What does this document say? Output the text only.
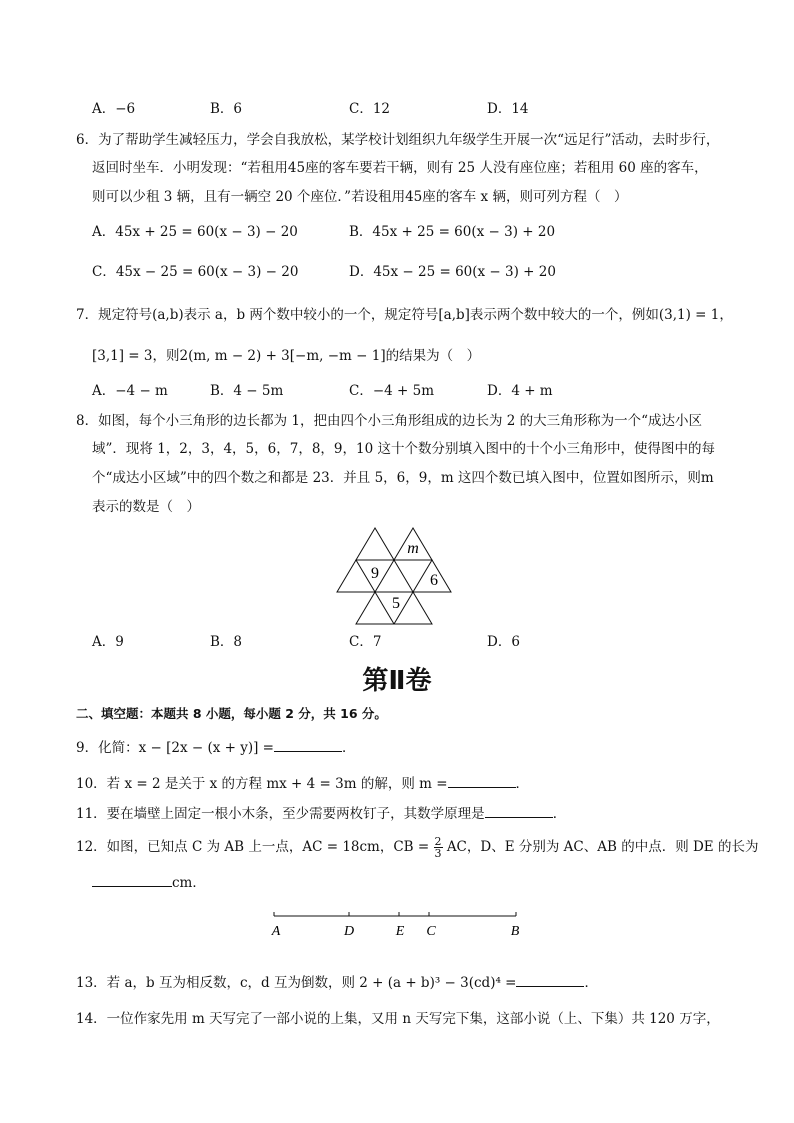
A．−6	B．6	C．12	D．14
6．为了帮助学生减轻压力，学会自我放松，某学校计划组织九年级学生开展一次“远足行”活动，去时步行，
返回时坐车．小明发现：“若租用45座的客车要若干辆，则有 25 人没有座位座；若租用 60 座的客车，
则可以少租 3 辆，且有一辆空 20 个座位．”若设租用45座的客车 x 辆，则可列方程（　）
A．45x + 25 = 60(x − 3) − 20	B．45x + 25 = 60(x − 3) + 20
C．45x − 25 = 60(x − 3) − 20	D．45x − 25 = 60(x − 3) + 20
7．规定符号(a,b)表示 a，b 两个数中较小的一个，规定符号[a,b]表示两个数中较大的一个，例如(3,1) = 1，
[3,1] = 3，则2(m, m − 2) + 3[−m, −m − 1]的结果为（　）
A．−4 − m	B．4 − 5m	C．−4 + 5m	D．4 + m
8．如图，每个小三角形的边长都为 1，把由四个小三角形组成的边长为 2 的大三角形称为一个“成达小区
域”．现将 1，2，3，4，5，6，7，8，9，10 这十个数分别填入图中的十个小三角形中，使得图中的每
个“成达小区域”中的四个数之和都是 23．并且 5，6，9，m 这四个数已填入图中，位置如图所示，则m
表示的数是（　）
m
9	6
5
A．9	B．8	C．7	D．6
第Ⅱ卷
二、填空题：本题共 8 小题，每小题 2 分，共 16 分。
9．化简：x − [2x − (x + y)] =	．
10．若 x = 2 是关于 x 的方程 mx + 4 = 3m 的解，则 m =	．
11．要在墙壁上固定一根小木条，至少需要两枚钉子，其数学原理是	．
12．如图，已知点 C 为 AB 上一点，AC = 18cm，CB = $\frac{2}{3}$ AC，D、E 分别为 AC、AB 的中点．则 DE 的长为
cm．
A	D	E C	B
13．若 a，b 互为相反数，c，d 互为倒数，则 2 + (a + b)³ − 3(cd)⁴ =	．
14．一位作家先用 m 天写完了一部小说的上集，又用 n 天写完下集，这部小说（上、下集）共 120 万字，
